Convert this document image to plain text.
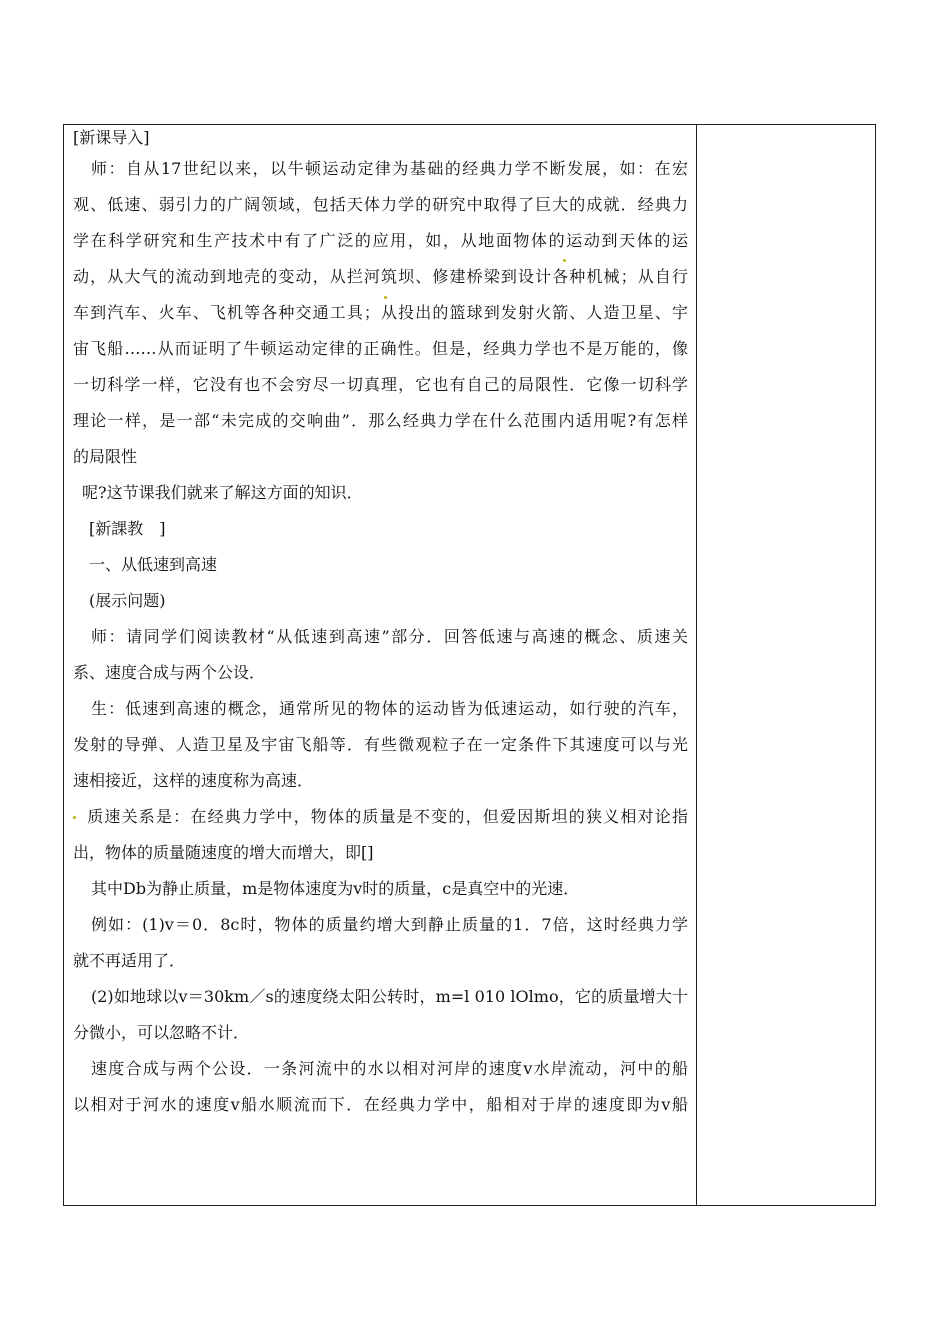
[新课导入]
师：自从17世纪以来，以牛顿运动定律为基础的经典力学不断发展，如：在宏
观、低速、弱引力的广阔领域，包括天体力学的研究中取得了巨大的成就．经典力
学在科学研究和生产技术中有了广泛的应用，如，从地面物体的运动到天体的运
动，从大气的流动到地壳的变动，从拦河筑坝、修建桥梁到设计各种机械；从自行
车到汽车、火车、飞机等各种交通工具；从投出的篮球到发射火箭、人造卫星、宇
宙飞船……从而证明了牛顿运动定律的正确性。但是，经典力学也不是万能的，像
一切科学一样，它没有也不会穷尽一切真理，它也有自己的局限性．它像一切科学
理论一样，是一部“未完成的交响曲”．那么经典力学在什么范围内适用呢?有怎样
的局限性
呢?这节课我们就来了解这方面的知识．
[新課教　]
一、从低速到高速
(展示问题)
师：请同学们阅读教材“从低速到高速”部分．回答低速与高速的概念、质速关
系、速度合成与两个公设．
生：低速到高速的概念，通常所见的物体的运动皆为低速运动，如行驶的汽车，
发射的导弹、人造卫星及宇宙飞船等．有些微观粒子在一定条件下其速度可以与光
速相接近，这样的速度称为高速．
质速关系是：在经典力学中，物体的质量是不变的，但爱因斯坦的狭义相对论指
出，物体的质量随速度的增大而增大，即[]
其中Db为静止质量，m是物体速度为v时的质量，c是真空中的光速．
例如：(1)v＝0．8c时，物体的质量约增大到静止质量的1．7倍，这时经典力学
就不再适用了．
(2)如地球以v＝30km／s的速度绕太阳公转时，m=l 010 lOlmo，它的质量增大十
分微小，可以忽略不计．
速度合成与两个公设．一条河流中的水以相对河岸的速度v水岸流动，河中的船
以相对于河水的速度v船水顺流而下．在经典力学中，船相对于岸的速度即为v船
